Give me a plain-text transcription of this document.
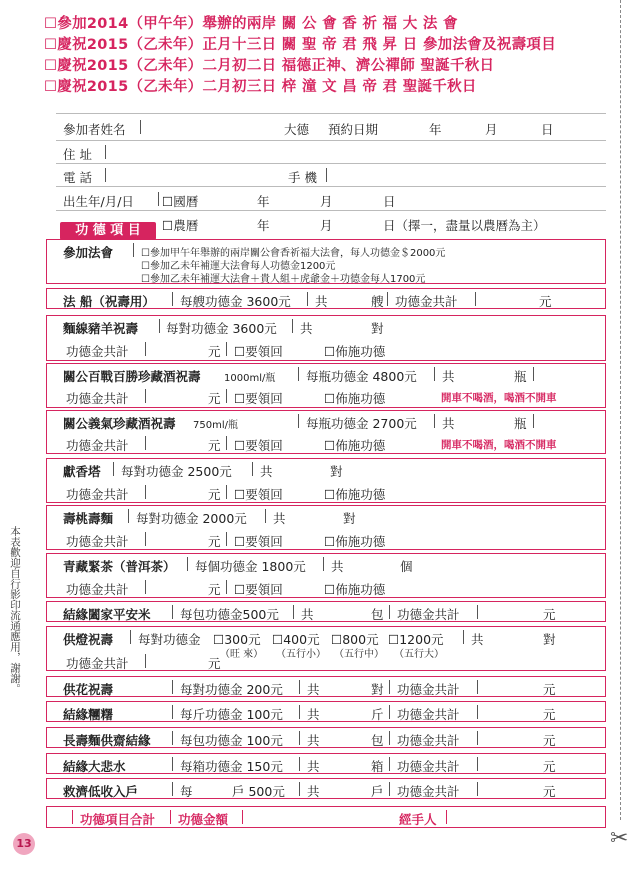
☐參加2014（甲午年）舉辦的兩岸 關 公 會 香 祈 福 大 法 會
☐慶祝2015（乙未年）正月十三日 關 聖 帝 君 飛 昇 日 參加法會及祝壽項目
☐慶祝2015（乙未年）二月初二日 福德正神、濟公禪師 聖誕千秋日
☐慶祝2015（乙未年）二月初三日 梓 潼 文 昌 帝 君 聖誕千秋日
✂
本表歡迎自行影印流通應用，謝謝。
13
參加者姓名	大德 預約日期	年	月	日
住 址
電 話	手 機
出生年/月/日 ☐國曆	年	月	日
功 德 項 目	☐農曆	年	月	日（擇一，盡量以農曆為主）
參加法會	☐參加甲午年舉辦的兩岸關公會香祈福大法會，每人功德金＄2000元
☐參加乙未年補運大法會每人功德金1200元
☐參加乙未年補運大法會＋貴人組＋虎爺金＋功德金每人1700元
法 船（祝壽用） 每艘功德金 3600元 共	艘 功德金共計	元
麵線豬羊祝壽 每對功德金 3600元 共	對
功德金共計	元 ☐要領回	☐佈施功德
關公百戰百勝珍藏酒祝壽 1000ml/瓶 每瓶功德金 4800元 共	瓶
功德金共計	元 ☐要領回	☐佈施功德	開車不喝酒，喝酒不開車
關公義氣珍藏酒祝壽 750ml/瓶	每瓶功德金 2700元 共	瓶
功德金共計	元 ☐要領回	☐佈施功德	開車不喝酒，喝酒不開車
獻香塔 每對功德金 2500元 共	對
功德金共計	元 ☐要領回	☐佈施功德
壽桃壽麵 每對功德金 2000元 共	對
功德金共計	元 ☐要領回	☐佈施功德
青藏緊茶（普洱茶） 每個功德金 1800元 共	個
功德金共計	元 ☐要領回	☐佈施功德
結緣闔家平安米 每包功德金500元 共	包 功德金共計	元
供燈祝壽 每對功德金 ☐300元 ☐400元 ☐800元 ☐1200元 共	對
（旺 來） （五行小） （五行中） （五行大）
功德金共計	元
供花祝壽	每對功德金 200元 共	對 功德金共計	元
結緣糰糬	每斤功德金 100元 共	斤 功德金共計	元
長壽麵供齋結緣 每包功德金 100元 共	包 功德金共計	元
結緣大悲水	每箱功德金 150元 共	箱 功德金共計	元
救濟低收入戶	每	戶 500元 共	戶 功德金共計	元
功德項目合計 功德金額	經手人
